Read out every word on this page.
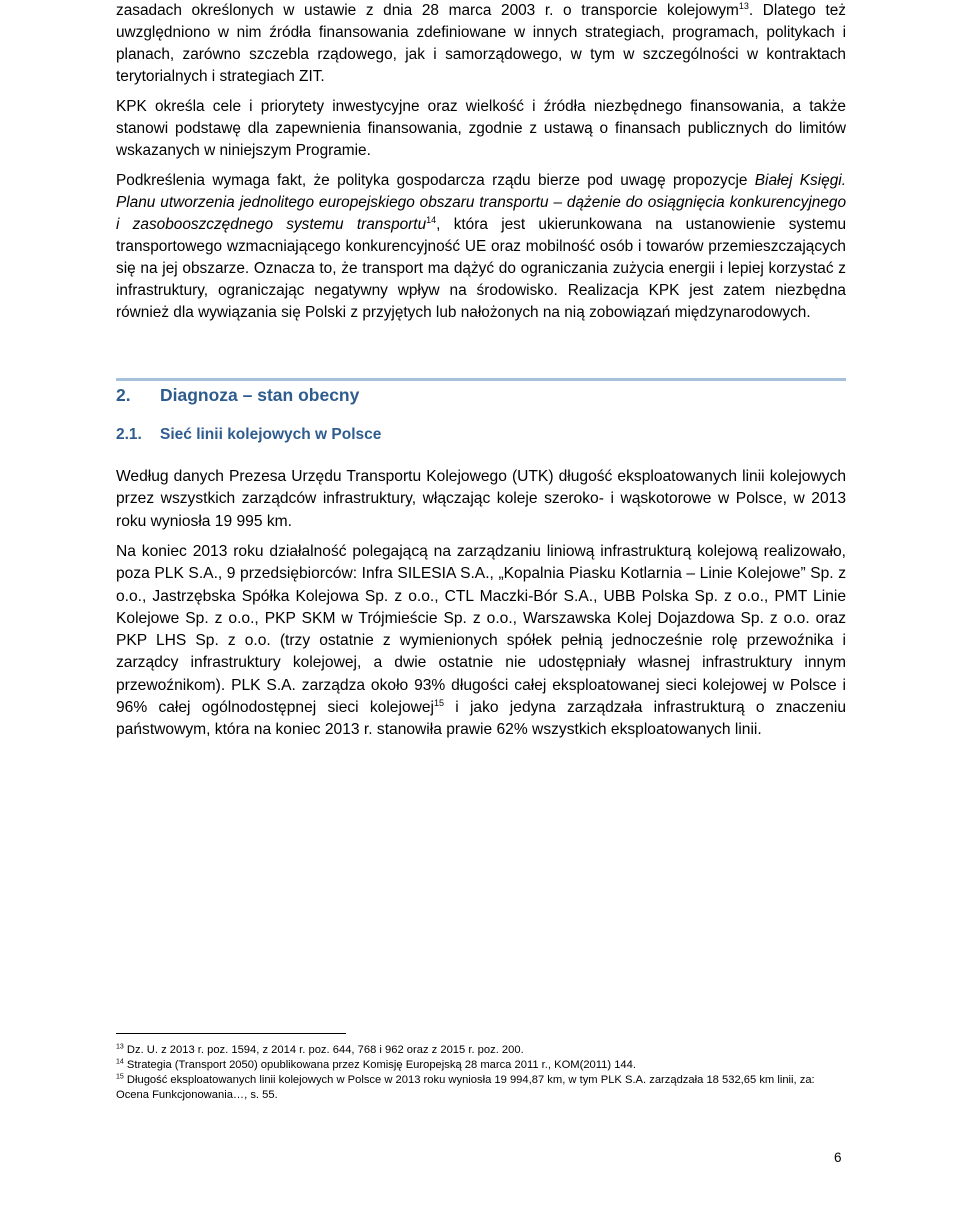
zasadach określonych w ustawie z dnia 28 marca 2003 r. o transporcie kolejowym$^{13}$. Dlatego też uwzględniono w nim źródła finansowania zdefiniowane w innych strategiach, programach, politykach i planach, zarówno szczebla rządowego, jak i samorządowego, w tym w szczególności w kontraktach terytorialnych i strategiach ZIT.

KPK określa cele i priorytety inwestycyjne oraz wielkość i źródła niezbędnego finansowania, a także stanowi podstawę dla zapewnienia finansowania, zgodnie z ustawą o finansach publicznych do limitów wskazanych w niniejszym Programie.

Podkreślenia wymaga fakt, że polityka gospodarcza rządu bierze pod uwagę propozycje Białej Księgi. Planu utworzenia jednolitego europejskiego obszaru transportu – dążenie do osiągnięcia konkurencyjnego i zasobooszczędnego systemu transportu$^{14}$, która jest ukierunkowana na ustanowienie systemu transportowego wzmacniającego konkurencyjność UE oraz mobilność osób i towarów przemieszczających się na jej obszarze. Oznacza to, że transport ma dążyć do ograniczania zużycia energii i lepiej korzystać z infrastruktury, ograniczając negatywny wpływ na środowisko. Realizacja KPK jest zatem niezbędna również dla wywiązania się Polski z przyjętych lub nałożonych na nią zobowiązań międzynarodowych.

2. Diagnoza – stan obecny
2.1. Sieć linii kolejowych w Polsce

Według danych Prezesa Urzędu Transportu Kolejowego (UTK) długość eksploatowanych linii kolejowych przez wszystkich zarządców infrastruktury, włączając koleje szeroko- i wąskotorowe w Polsce, w 2013 roku wyniosła 19 995 km.

Na koniec 2013 roku działalność polegającą na zarządzaniu liniową infrastrukturą kolejową realizowało, poza PLK S.A., 9 przedsiębiorców: Infra SILESIA S.A., „Kopalnia Piasku Kotlarnia – Linie Kolejowe” Sp. z o.o., Jastrzębska Spółka Kolejowa Sp. z o.o., CTL Maczki-Bór S.A., UBB Polska Sp. z o.o., PMT Linie Kolejowe Sp. z o.o., PKP SKM w Trójmieście Sp. z o.o., Warszawska Kolej Dojazdowa Sp. z o.o. oraz PKP LHS Sp. z o.o. (trzy ostatnie z wymienionych spółek pełnią jednocześnie rolę przewoźnika i zarządcy infrastruktury kolejowej, a dwie ostatnie nie udostępniały własnej infrastruktury innym przewoźnikom). PLK S.A. zarządza około 93% długości całej eksploatowanej sieci kolejowej w Polsce i 96% całej ogólnodostępnej sieci kolejowej$^{15}$ i jako jedyna zarządzała infrastrukturą o znaczeniu państwowym, która na koniec 2013 r. stanowiła prawie 62% wszystkich eksploatowanych linii.

$^{13}$ Dz. U. z 2013 r. poz. 1594, z 2014 r. poz. 644, 768 i 962 oraz z 2015 r. poz. 200.
$^{14}$ Strategia (Transport 2050) opublikowana przez Komisję Europejską 28 marca 2011 r., KOM(2011) 144.
$^{15}$ Długość eksploatowanych linii kolejowych w Polsce w 2013 roku wyniosła 19 994,87 km, w tym PLK S.A. zarządzała 18 532,65 km linii, za: Ocena Funkcjonowania…, s. 55.
6
